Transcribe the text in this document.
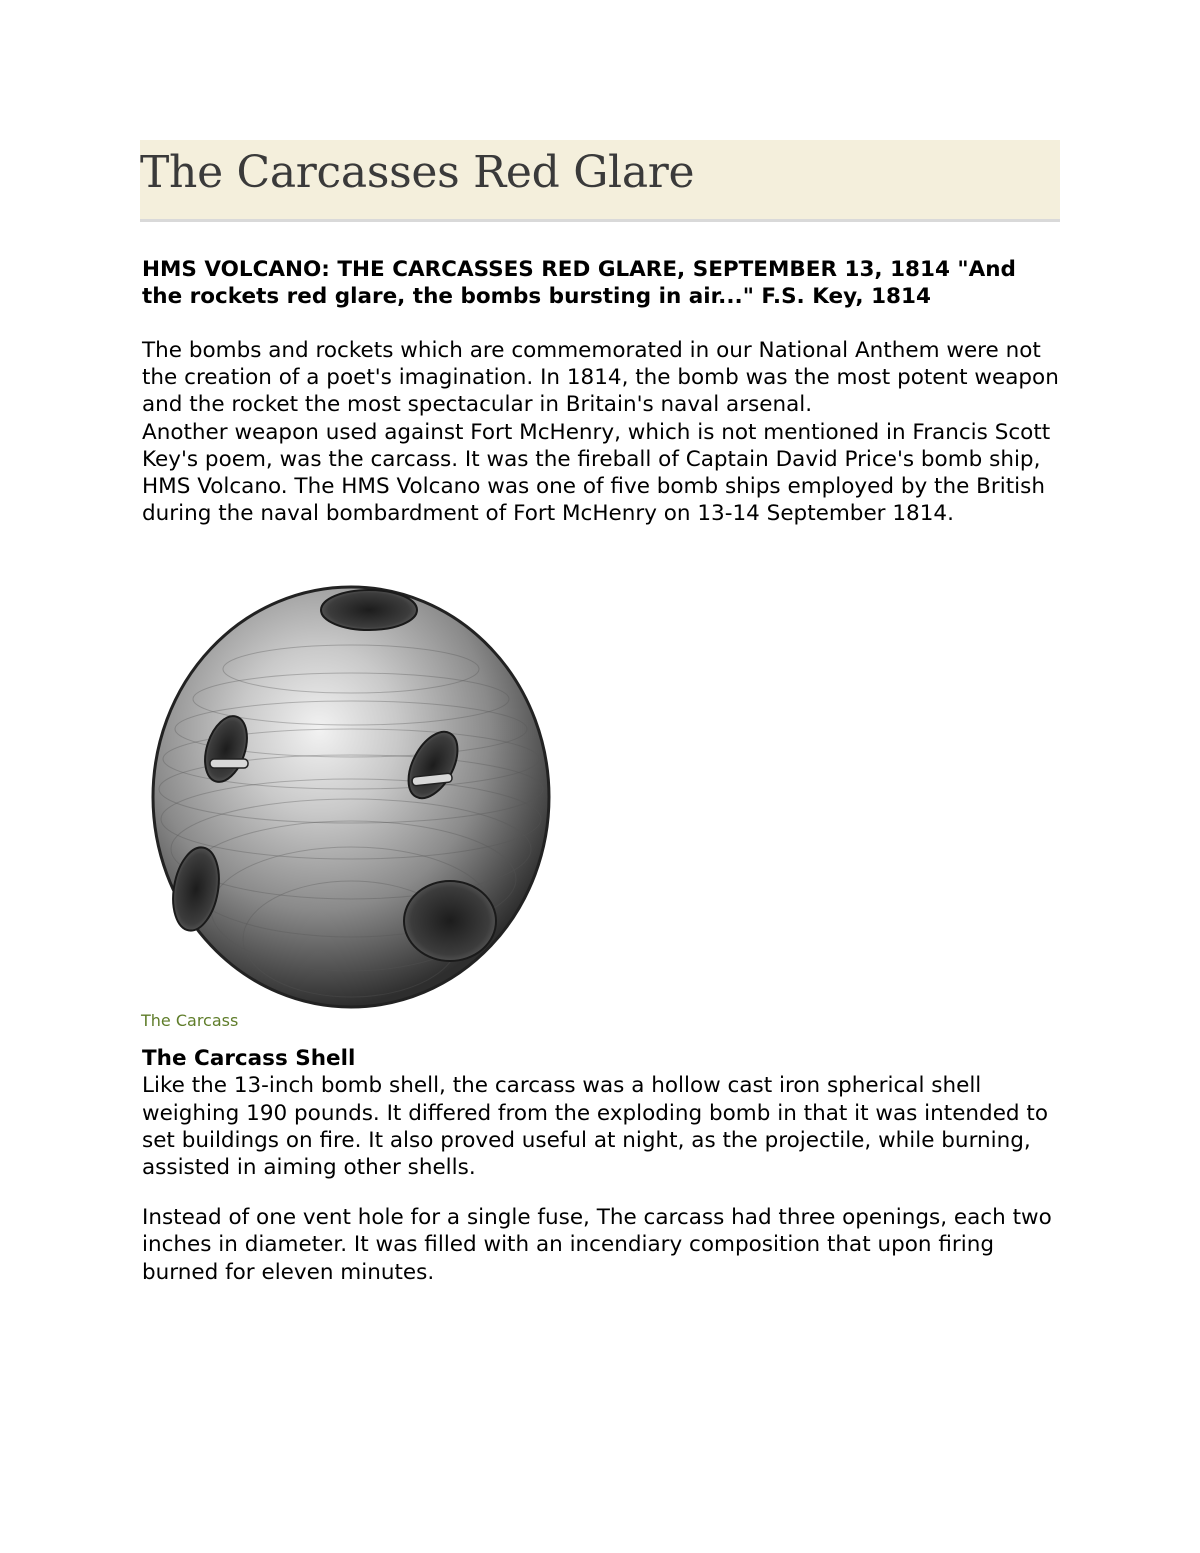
The Carcasses Red Glare
HMS VOLCANO: THE CARCASSES RED GLARE, SEPTEMBER 13, 1814 "And the rockets red glare, the bombs bursting in air..." F.S. Key, 1814

The bombs and rockets which are commemorated in our National Anthem were not the creation of a poet's imagination. In 1814, the bomb was the most potent weapon and the rocket the most spectacular in Britain's naval arsenal.

Another weapon used against Fort McHenry, which is not mentioned in Francis Scott Key's poem, was the carcass. It was the fireball of Captain David Price's bomb ship, HMS Volcano. The HMS Volcano was one of five bomb ships employed by the British during the naval bombardment of Fort McHenry on 13-14 September 1814.

The Carcass
The Carcass Shell

Like the 13-inch bomb shell, the carcass was a hollow cast iron spherical shell weighing 190 pounds. It differed from the exploding bomb in that it was intended to set buildings on fire. It also proved useful at night, as the projectile, while burning, assisted in aiming other shells.

Instead of one vent hole for a single fuse, The carcass had three openings, each two inches in diameter. It was filled with an incendiary composition that upon firing burned for eleven minutes.
